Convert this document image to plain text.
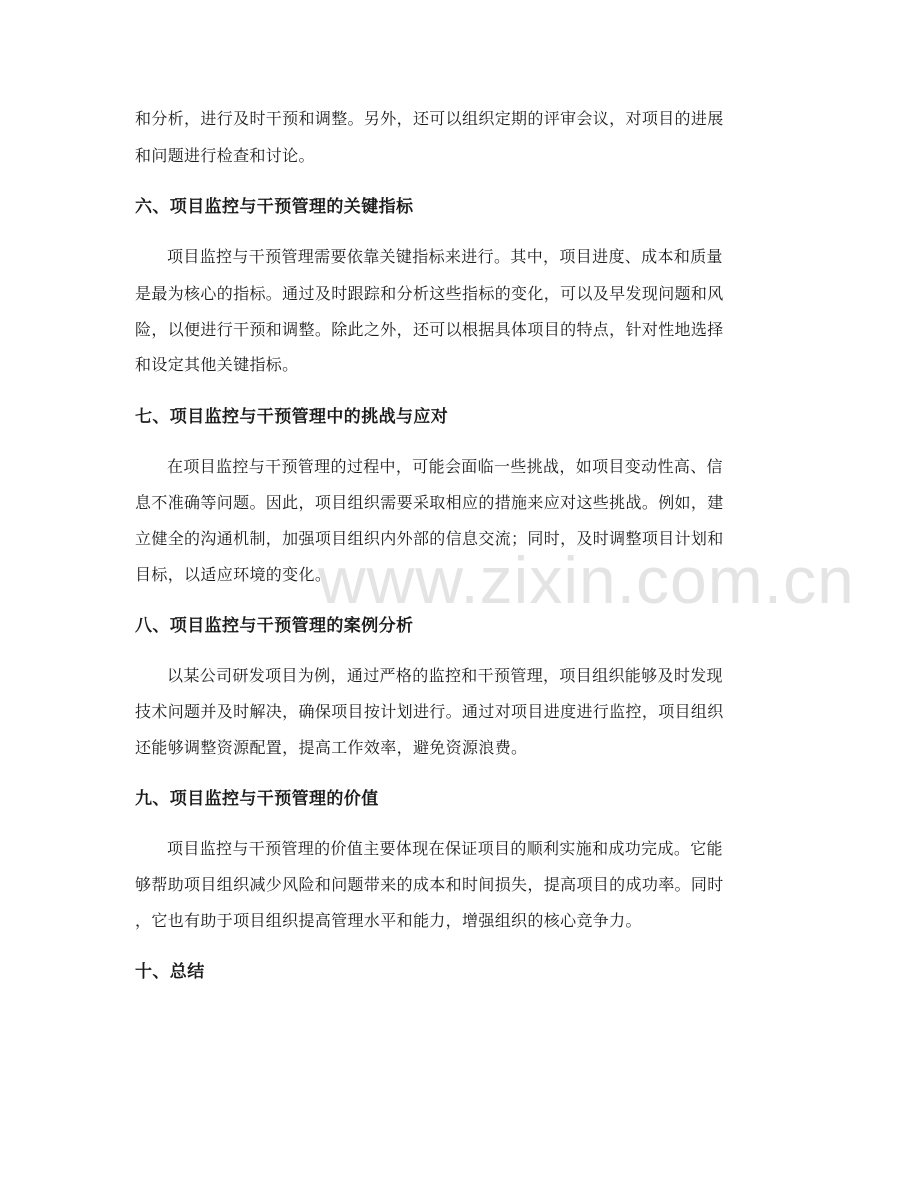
www.zixin.com.cn
和分析，进行及时干预和调整。另外，还可以组织定期的评审会议，对项目的进展
和问题进行检查和讨论。
六、项目监控与干预管理的关键指标
项目监控与干预管理需要依靠关键指标来进行。其中，项目进度、成本和质量
是最为核心的指标。通过及时跟踪和分析这些指标的变化，可以及早发现问题和风
险，以便进行干预和调整。除此之外，还可以根据具体项目的特点，针对性地选择
和设定其他关键指标。
七、项目监控与干预管理中的挑战与应对
在项目监控与干预管理的过程中，可能会面临一些挑战，如项目变动性高、信
息不准确等问题。因此，项目组织需要采取相应的措施来应对这些挑战。例如，建
立健全的沟通机制，加强项目组织内外部的信息交流；同时，及时调整项目计划和
目标，以适应环境的变化。
八、项目监控与干预管理的案例分析
以某公司研发项目为例，通过严格的监控和干预管理，项目组织能够及时发现
技术问题并及时解决，确保项目按计划进行。通过对项目进度进行监控，项目组织
还能够调整资源配置，提高工作效率，避免资源浪费。
九、项目监控与干预管理的价值
项目监控与干预管理的价值主要体现在保证项目的顺利实施和成功完成。它能
够帮助项目组织减少风险和问题带来的成本和时间损失，提高项目的成功率。同时
，它也有助于项目组织提高管理水平和能力，增强组织的核心竞争力。
十、总结
